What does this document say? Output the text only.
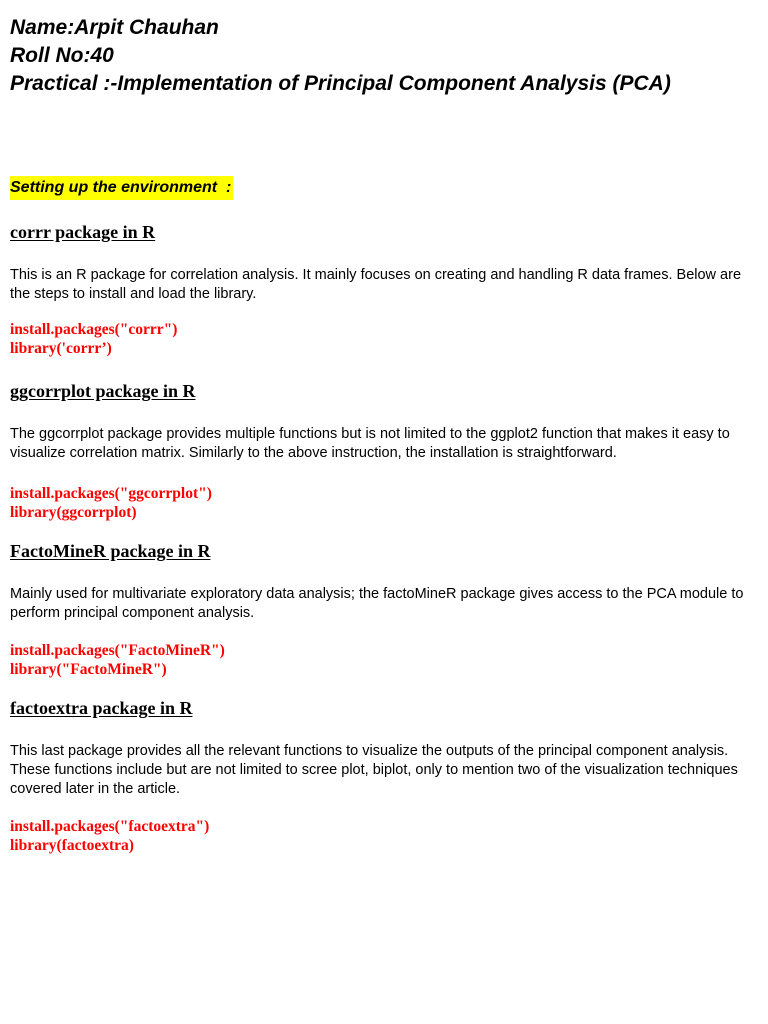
Name:Arpit Chauhan
Roll No:40
Practical :-Implementation of Principal Component Analysis (PCA)
Setting up the environment  :
corrr package in R
This is an R package for correlation analysis. It mainly focuses on creating and handling R data frames. Below are the steps to install and load the library.
install.packages("corrr")
library('corrr’)
ggcorrplot package in R
The ggcorrplot package provides multiple functions but is not limited to the ggplot2 function that makes it easy to visualize correlation matrix. Similarly to the above instruction, the installation is straightforward.
install.packages("ggcorrplot")
library(ggcorrplot)
FactoMineR package in R
Mainly used for multivariate exploratory data analysis; the factoMineR package gives access to the PCA module to perform principal component analysis.
install.packages("FactoMineR")
library("FactoMineR")
factoextra package in R
This last package provides all the relevant functions to visualize the outputs of the principal component analysis. These functions include but are not limited to scree plot, biplot, only to mention two of the visualization techniques covered later in the article.
install.packages("factoextra")
library(factoextra)
